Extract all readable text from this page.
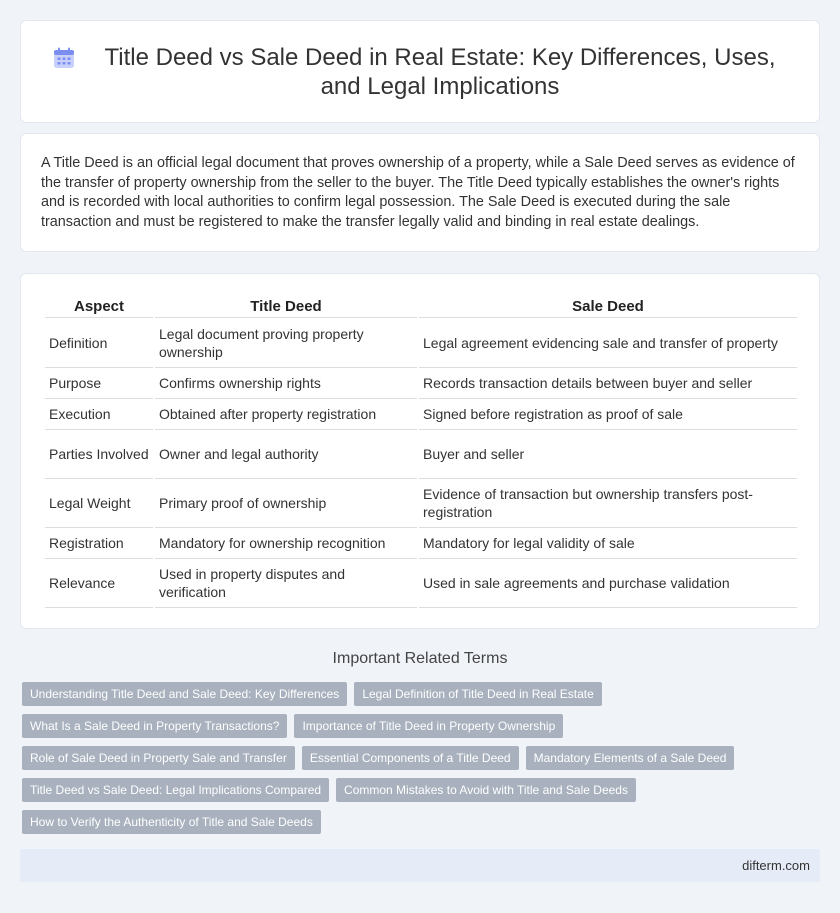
Title Deed vs Sale Deed in Real Estate: Key Differences, Uses, and Legal Implications

A Title Deed is an official legal document that proves ownership of a property, while a Sale Deed serves as evidence of the transfer of property ownership from the seller to the buyer. The Title Deed typically establishes the owner's rights and is recorded with local authorities to confirm legal possession. The Sale Deed is executed during the sale transaction and must be registered to make the transfer legally valid and binding in real estate dealings.

Aspect	Title Deed	Sale Deed
Definition	Legal document proving property ownership	Legal agreement evidencing sale and transfer of property
Purpose	Confirms ownership rights	Records transaction details between buyer and seller
Execution	Obtained after property registration	Signed before registration as proof of sale
Parties Involved	Owner and legal authority	Buyer and seller
Legal Weight	Primary proof of ownership	Evidence of transaction but ownership transfers post-registration
Registration	Mandatory for ownership recognition	Mandatory for legal validity of sale
Relevance	Used in property disputes and verification	Used in sale agreements and purchase validation
Important Related Terms
Understanding Title Deed and Sale Deed: Key Differences	Legal Definition of Title Deed in Real Estate
What Is a Sale Deed in Property Transactions?	Importance of Title Deed in Property Ownership
Role of Sale Deed in Property Sale and Transfer	Essential Components of a Title Deed	Mandatory Elements of a Sale Deed
Title Deed vs Sale Deed: Legal Implications Compared	Common Mistakes to Avoid with Title and Sale Deeds
How to Verify the Authenticity of Title and Sale Deeds
difterm.com
